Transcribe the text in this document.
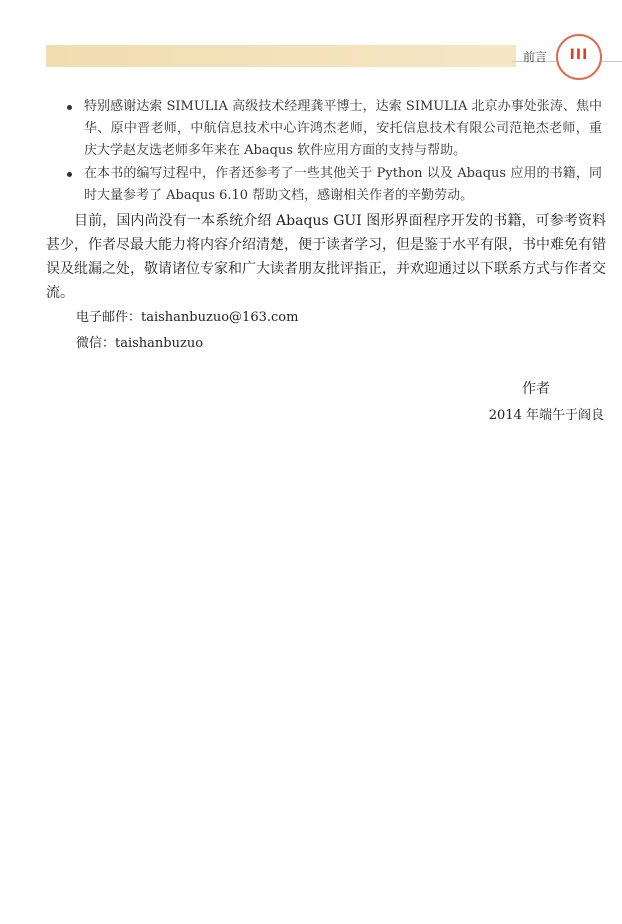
前言	III
特别感谢达索 SIMULIA 高级技术经理龚平博士，达索 SIMULIA 北京办事处张涛、焦中华、原中晋老师，中航信息技术中心许鸿杰老师，安托信息技术有限公司范艳杰老师，重庆大学赵友选老师多年来在 Abaqus 软件应用方面的支持与帮助。
在本书的编写过程中，作者还参考了一些其他关于 Python 以及 Abaqus 应用的书籍，同时大量参考了 Abaqus 6.10 帮助文档，感谢相关作者的辛勤劳动。

目前，国内尚没有一本系统介绍 Abaqus GUI 图形界面程序开发的书籍，可参考资料甚少，作者尽最大能力将内容介绍清楚，便于读者学习，但是鉴于水平有限，书中难免有错误及纰漏之处，敬请诸位专家和广大读者朋友批评指正，并欢迎通过以下联系方式与作者交流。

电子邮件：taishanbuzuo@163.com

微信：taishanbuzuo

作者
2014 年端午于阎良
